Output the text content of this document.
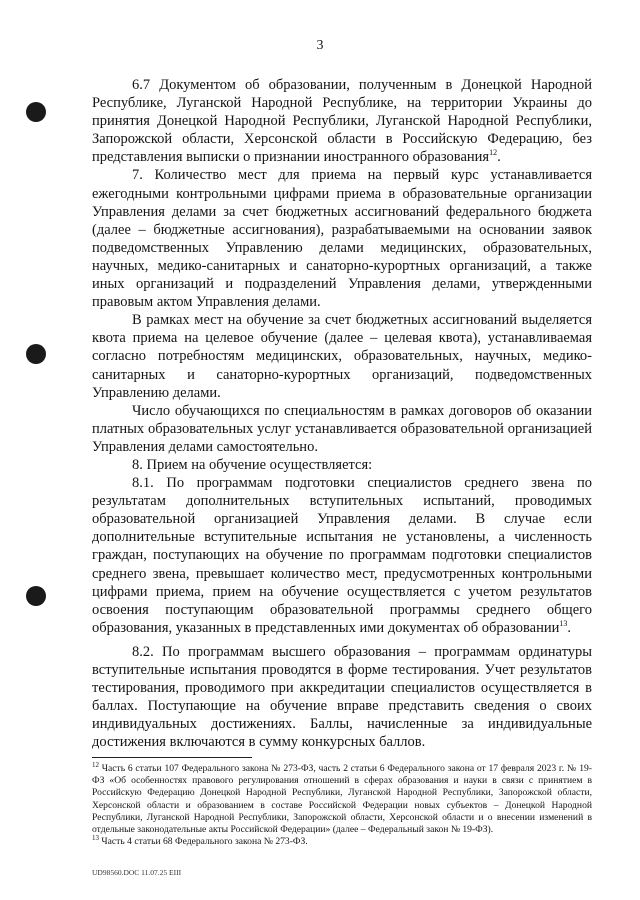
3

6.7 Документом об образовании, полученным в Донецкой Народной Республике, Луганской Народной Республике, на территории Украины до принятия Донецкой Народной Республики, Луганской Народной Республики, Запорожской области, Херсонской области в Российскую Федерацию, без представления выписки о признании иностранного образования$^{12}$.

7. Количество мест для приема на первый курс устанавливается ежегодными контрольными цифрами приема в образовательные организации Управления делами за счет бюджетных ассигнований федерального бюджета (далее – бюджетные ассигнования), разрабатываемыми на основании заявок подведомственных Управлению делами медицинских, образовательных, научных, медико-санитарных и санаторно-курортных организаций, а также иных организаций и подразделений Управления делами, утвержденными правовым актом Управления делами.

В рамках мест на обучение за счет бюджетных ассигнований выделяется квота приема на целевое обучение (далее – целевая квота), устанавливаемая согласно потребностям медицинских, образовательных, научных, медико-санитарных и санаторно-курортных организаций, подведомственных Управлению делами.

Число обучающихся по специальностям в рамках договоров об оказании платных образовательных услуг устанавливается образовательной организацией Управления делами самостоятельно.

8. Прием на обучение осуществляется:

8.1. По программам подготовки специалистов среднего звена по результатам дополнительных вступительных испытаний, проводимых образовательной организацией Управления делами. В случае если дополнительные вступительные испытания не установлены, а численность граждан, поступающих на обучение по программам подготовки специалистов среднего звена, превышает количество мест, предусмотренных контрольными цифрами приема, прием на обучение осуществляется с учетом результатов освоения поступающим образовательной программы среднего общего образования, указанных в представленных ими документах об образовании$^{13}$.

8.2. По программам высшего образования – программам ординатуры вступительные испытания проводятся в форме тестирования. Учет результатов тестирования, проводимого при аккредитации специалистов осуществляется в баллах. Поступающие на обучение вправе представить сведения о своих индивидуальных достижениях. Баллы, начисленные за индивидуальные достижения включаются в сумму конкурсных баллов.

$^{12}$ Часть 6 статьи 107 Федерального закона № 273-ФЗ, часть 2 статьи 6 Федерального закона от 17 февраля 2023 г. № 19-ФЗ «Об особенностях правового регулирования отношений в сферах образования и науки в связи с принятием в Российскую Федерацию Донецкой Народной Республики, Луганской Народной Республики, Запорожской области, Херсонской области и образованием в составе Российской Федерации новых субъектов – Донецкой Народной Республики, Луганской Народной Республики, Запорожской области, Херсонской области и о внесении изменений в отдельные законодательные акты Российской Федерации» (далее – Федеральный закон № 19-ФЗ).

$^{13}$ Часть 4 статьи 68 Федерального закона № 273-ФЗ.

UD98560.DOC 11.07.25 EIII
